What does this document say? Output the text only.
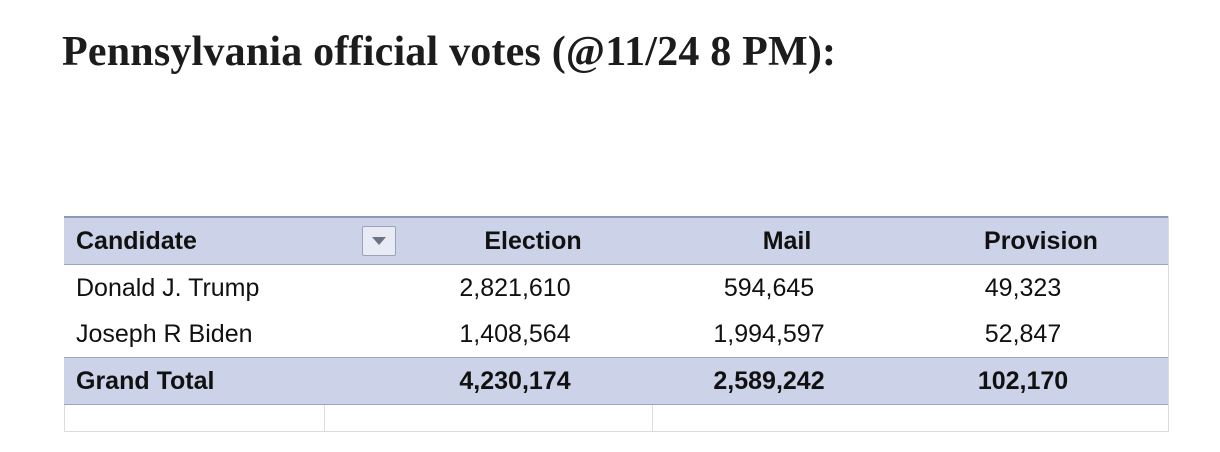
Pennsylvania official votes (@11/24 8 PM):
Candidate	Election	Mail	Provision
Donald J. Trump	2,821,610	594,645	49,323
Joseph R Biden	1,408,564	1,994,597	52,847
Grand Total	4,230,174	2,589,242	102,170
